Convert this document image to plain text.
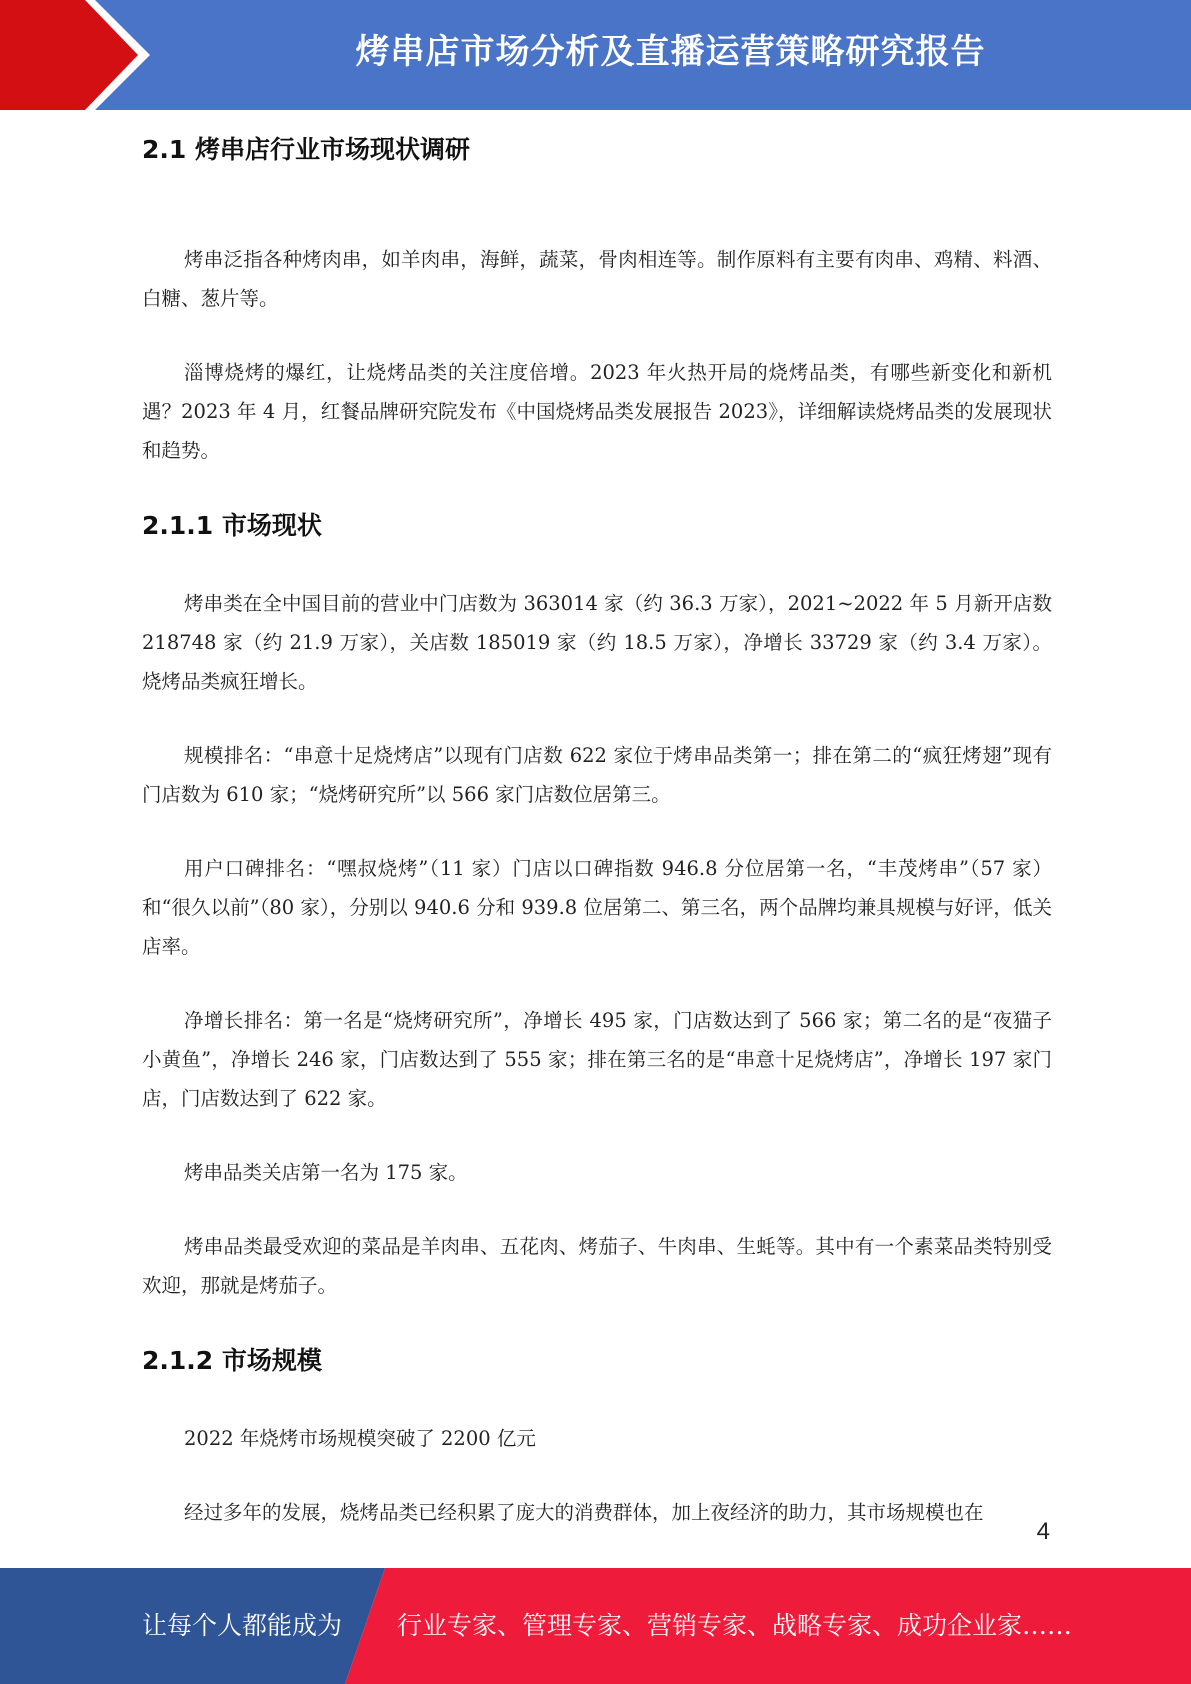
烤串店市场分析及直播运营策略研究报告
2.1 烤串店行业市场现状调研

烤串泛指各种烤肉串，如羊肉串，海鲜，蔬菜，骨肉相连等。制作原料有主要有肉串、鸡精、料酒、白糖、葱片等。

淄博烧烤的爆红，让烧烤品类的关注度倍增。2023 年火热开局的烧烤品类，有哪些新变化和新机遇？2023 年 4 月，红餐品牌研究院发布《中国烧烤品类发展报告 2023》，详细解读烧烤品类的发展现状和趋势。

2.1.1 市场现状

烤串类在全中国目前的营业中门店数为 363014 家（约 36.3 万家），2021~2022 年 5 月新开店数 218748 家（约 21.9 万家），关店数 185019 家（约 18.5 万家），净增长 33729 家（约 3.4 万家）。烧烤品类疯狂增长。

规模排名：“串意十足烧烤店”以现有门店数 622 家位于烤串品类第一；排在第二的“疯狂烤翅”现有门店数为 610 家；“烧烤研究所”以 566 家门店数位居第三。

用户口碑排名：“嘿叔烧烤”（11 家）门店以口碑指数 946.8 分位居第一名，“丰茂烤串”（57 家）和“很久以前”（80 家），分别以 940.6 分和 939.8 位居第二、第三名，两个品牌均兼具规模与好评，低关店率。

净增长排名：第一名是“烧烤研究所”，净增长 495 家，门店数达到了 566 家；第二名的是“夜猫子小黄鱼”，净增长 246 家，门店数达到了 555 家；排在第三名的是“串意十足烧烤店”，净增长 197 家门店，门店数达到了 622 家。

烤串品类关店第一名为 175 家。

烤串品类最受欢迎的菜品是羊肉串、五花肉、烤茄子、牛肉串、生蚝等。其中有一个素菜品类特别受欢迎，那就是烤茄子。

2.1.2 市场规模

2022 年烧烤市场规模突破了 2200 亿元

经过多年的发展，烧烤品类已经积累了庞大的消费群体，加上夜经济的助力，其市场规模也在

4
让每个人都能成为 行业专家、管理专家、营销专家、战略专家、成功企业家……
